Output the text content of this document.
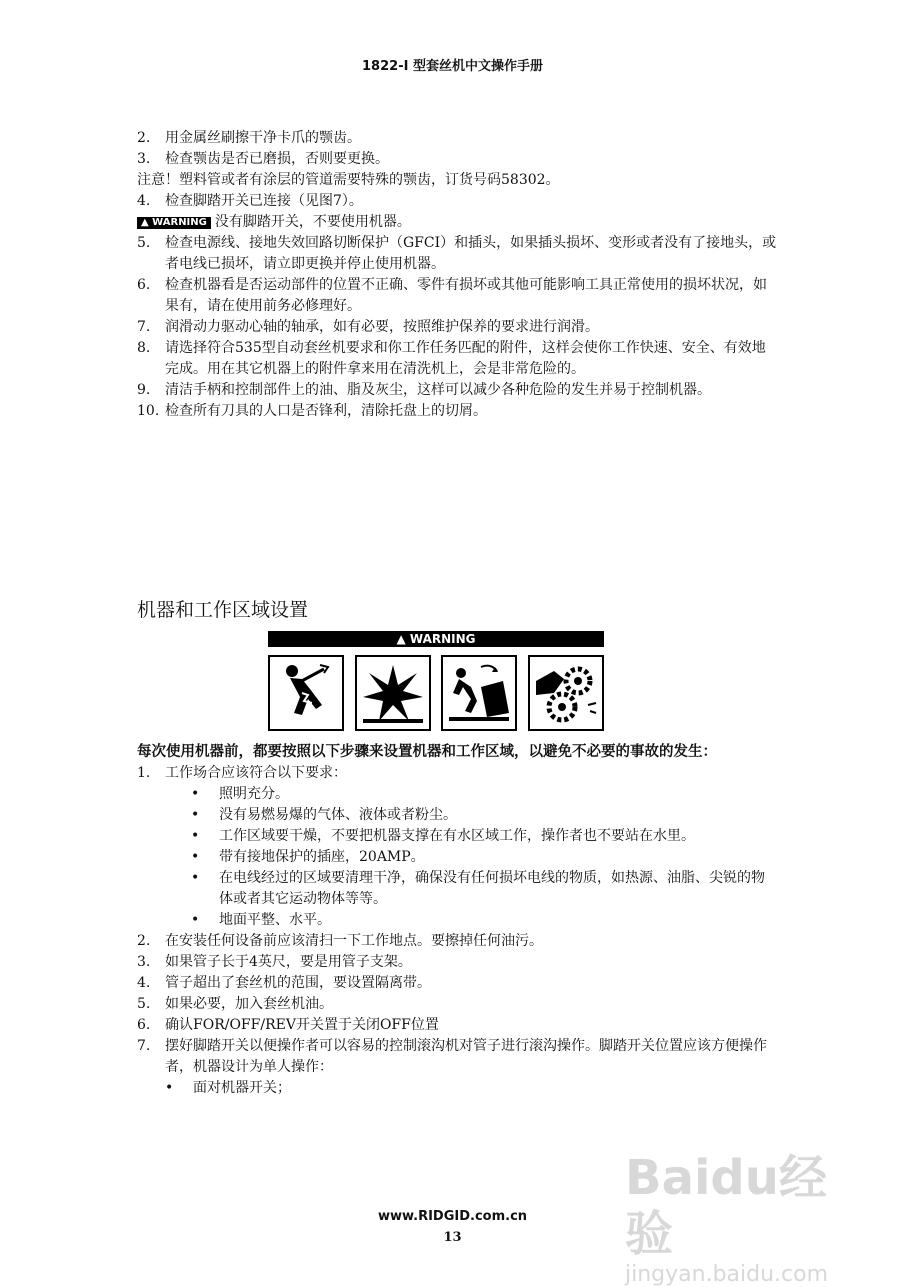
1822-I 型套丝机中文操作手册
2.	用金属丝刷擦干净卡爪的颚齿。
3.	检查颚齿是否已磨损，否则要更换。
注意！塑料管或者有涂层的管道需要特殊的颚齿，订货号码58302。
4.	检查脚踏开关已连接（见图7）。
▲ WARNING 没有脚踏开关，不要使用机器。
5.	检查电源线、接地失效回路切断保护（GFCI）和插头，如果插头损坏、变形或者没有了接地头，或者电线已损坏，请立即更换并停止使用机器。
6.	检查机器看是否运动部件的位置不正确、零件有损坏或其他可能影响工具正常使用的损坏状况，如果有，请在使用前务必修理好。
7.	润滑动力驱动心轴的轴承，如有必要，按照维护保养的要求进行润滑。
8.	请选择符合535型自动套丝机要求和你工作任务匹配的附件，这样会使你工作快速、安全、有效地完成。用在其它机器上的附件拿来用在清洗机上，会是非常危险的。
9.	清洁手柄和控制部件上的油、脂及灰尘，这样可以减少各种危险的发生并易于控制机器。
10. 检查所有刀具的人口是否锋利，清除托盘上的切屑。
机器和工作区域设置
▲ WARNING
每次使用机器前，都要按照以下步骤来设置机器和工作区域，以避免不必要的事故的发生：
1.	工作场合应该符合以下要求：
•	照明充分。
•	没有易燃易爆的气体、液体或者粉尘。
•	工作区域要干燥，不要把机器支撑在有水区域工作，操作者也不要站在水里。
•	带有接地保护的插座，20AMP。
•	在电线经过的区域要清理干净，确保没有任何损坏电线的物质，如热源、油脂、尖锐的物体或者其它运动物体等等。
•	地面平整、水平。
2.	在安装任何设备前应该清扫一下工作地点。要擦掉任何油污。
3.	如果管子长于4英尺，要是用管子支架。
4.	管子超出了套丝机的范围，要设置隔离带。
5.	如果必要，加入套丝机油。
6.	确认FOR/OFF/REV开关置于关闭OFF位置
7.	摆好脚踏开关以便操作者可以容易的控制滚沟机对管子进行滚沟操作。脚踏开关位置应该方便操作者，机器设计为单人操作：
•	面对机器开关；
www.RIDGID.com.cn
13
Baidu经验
jingyan.baidu.com
